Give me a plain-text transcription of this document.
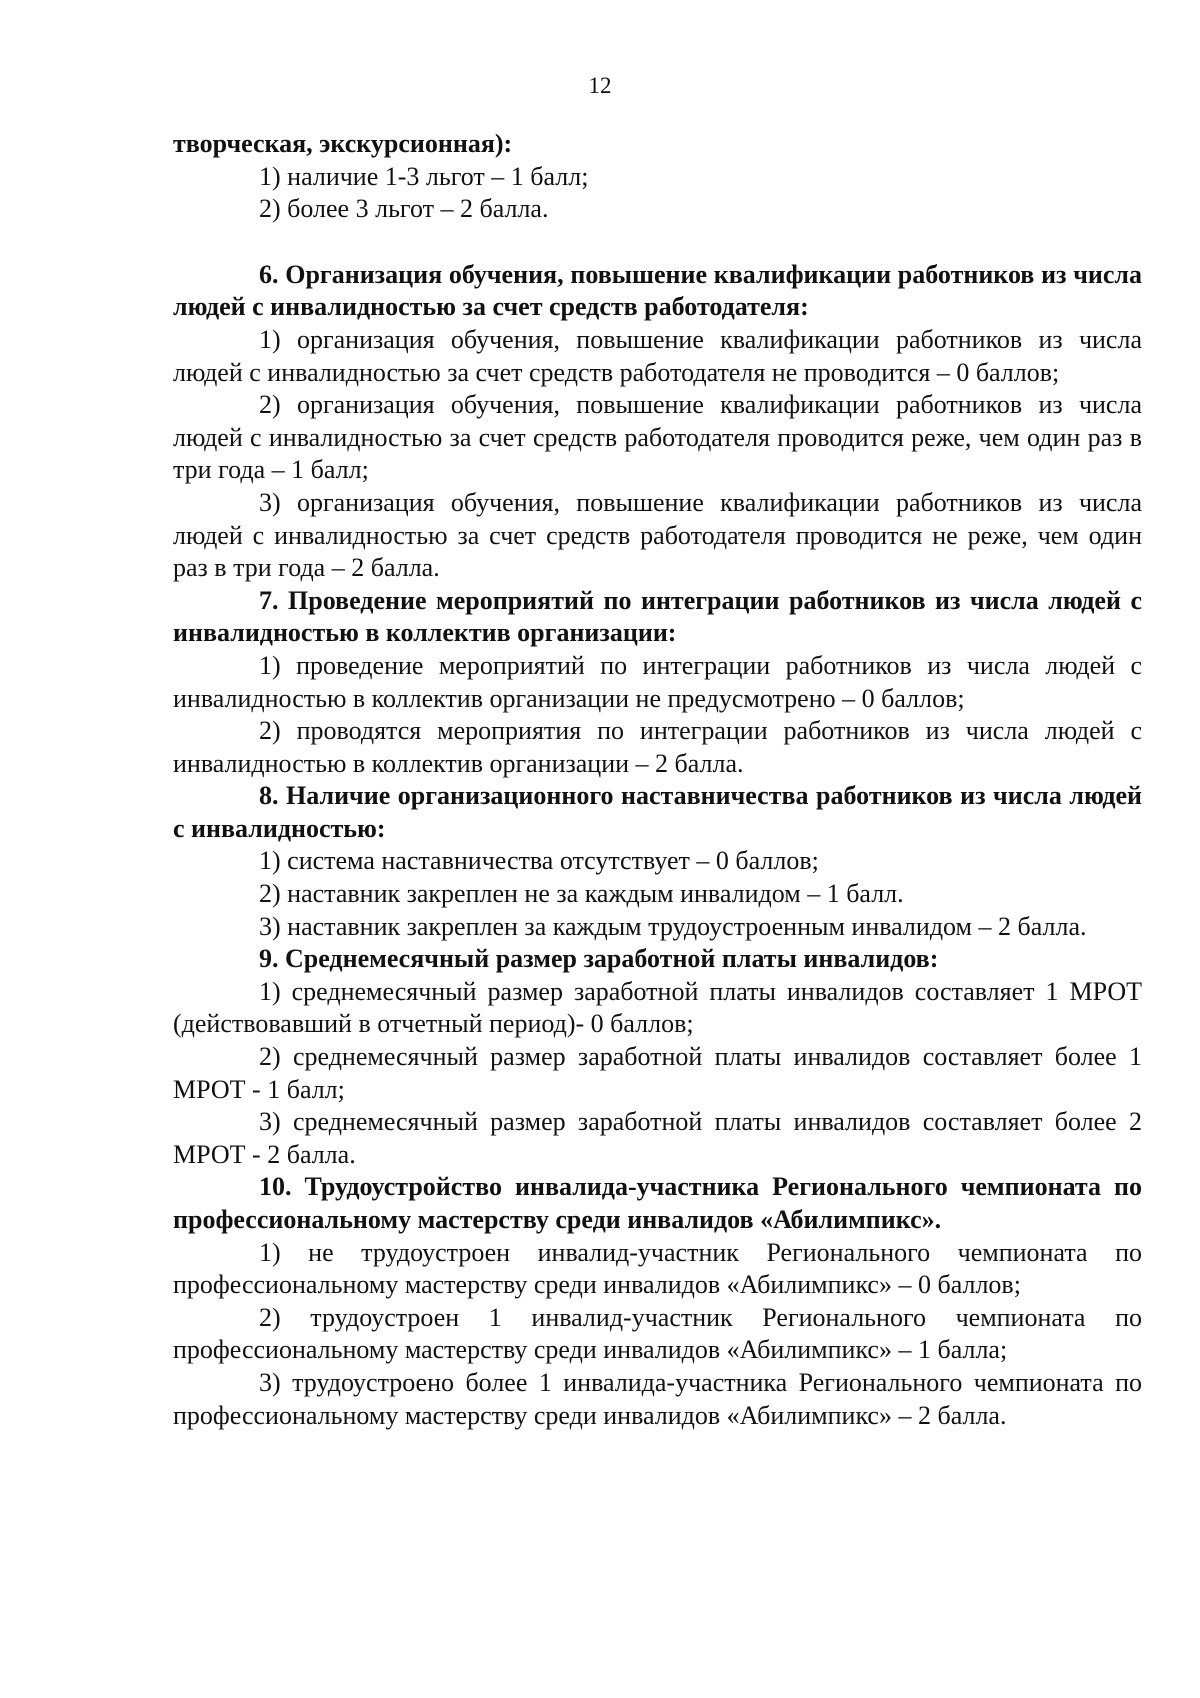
12

творческая, экскурсионная):

1) наличие 1-3 льгот – 1 балл;

2) более 3 льгот – 2 балла.

6. Организация обучения, повышение квалификации работников из числа людей с инвалидностью за счет средств работодателя:

1) организация обучения, повышение квалификации работников из числа людей с инвалидностью за счет средств работодателя не проводится – 0 баллов;

2) организация обучения, повышение квалификации работников из числа людей с инвалидностью за счет средств работодателя проводится реже, чем один раз в три года – 1 балл;

3) организация обучения, повышение квалификации работников из числа людей с инвалидностью за счет средств работодателя проводится не реже, чем один раз в три года – 2 балла.

7. Проведение мероприятий по интеграции работников из числа людей с инвалидностью в коллектив организации:

1) проведение мероприятий по интеграции работников из числа людей с инвалидностью в коллектив организации не предусмотрено – 0 баллов;

2) проводятся мероприятия по интеграции работников из числа людей с инвалидностью в коллектив организации – 2 балла.

8. Наличие организационного наставничества работников из числа людей с инвалидностью:

1) система наставничества отсутствует – 0 баллов;

2) наставник закреплен не за каждым инвалидом – 1 балл.

3) наставник закреплен за каждым трудоустроенным инвалидом – 2 балла.

9. Среднемесячный размер заработной платы инвалидов:

1) среднемесячный размер заработной платы инвалидов составляет 1 МРОТ (действовавший в отчетный период)- 0 баллов;

2) среднемесячный размер заработной платы инвалидов составляет более 1 МРОТ - 1 балл;

3) среднемесячный размер заработной платы инвалидов составляет более 2 МРОТ - 2 балла.

10. Трудоустройство инвалида-участника Регионального чемпионата по профессиональному мастерству среди инвалидов «Абилимпикс».

1) не трудоустроен инвалид-участник Регионального чемпионата по профессиональному мастерству среди инвалидов «Абилимпикс» – 0 баллов;

2) трудоустроен 1 инвалид-участник Регионального чемпионата по профессиональному мастерству среди инвалидов «Абилимпикс» – 1 балла;

3) трудоустроено более 1 инвалида-участника Регионального чемпионата по профессиональному мастерству среди инвалидов «Абилимпикс» – 2 балла.
